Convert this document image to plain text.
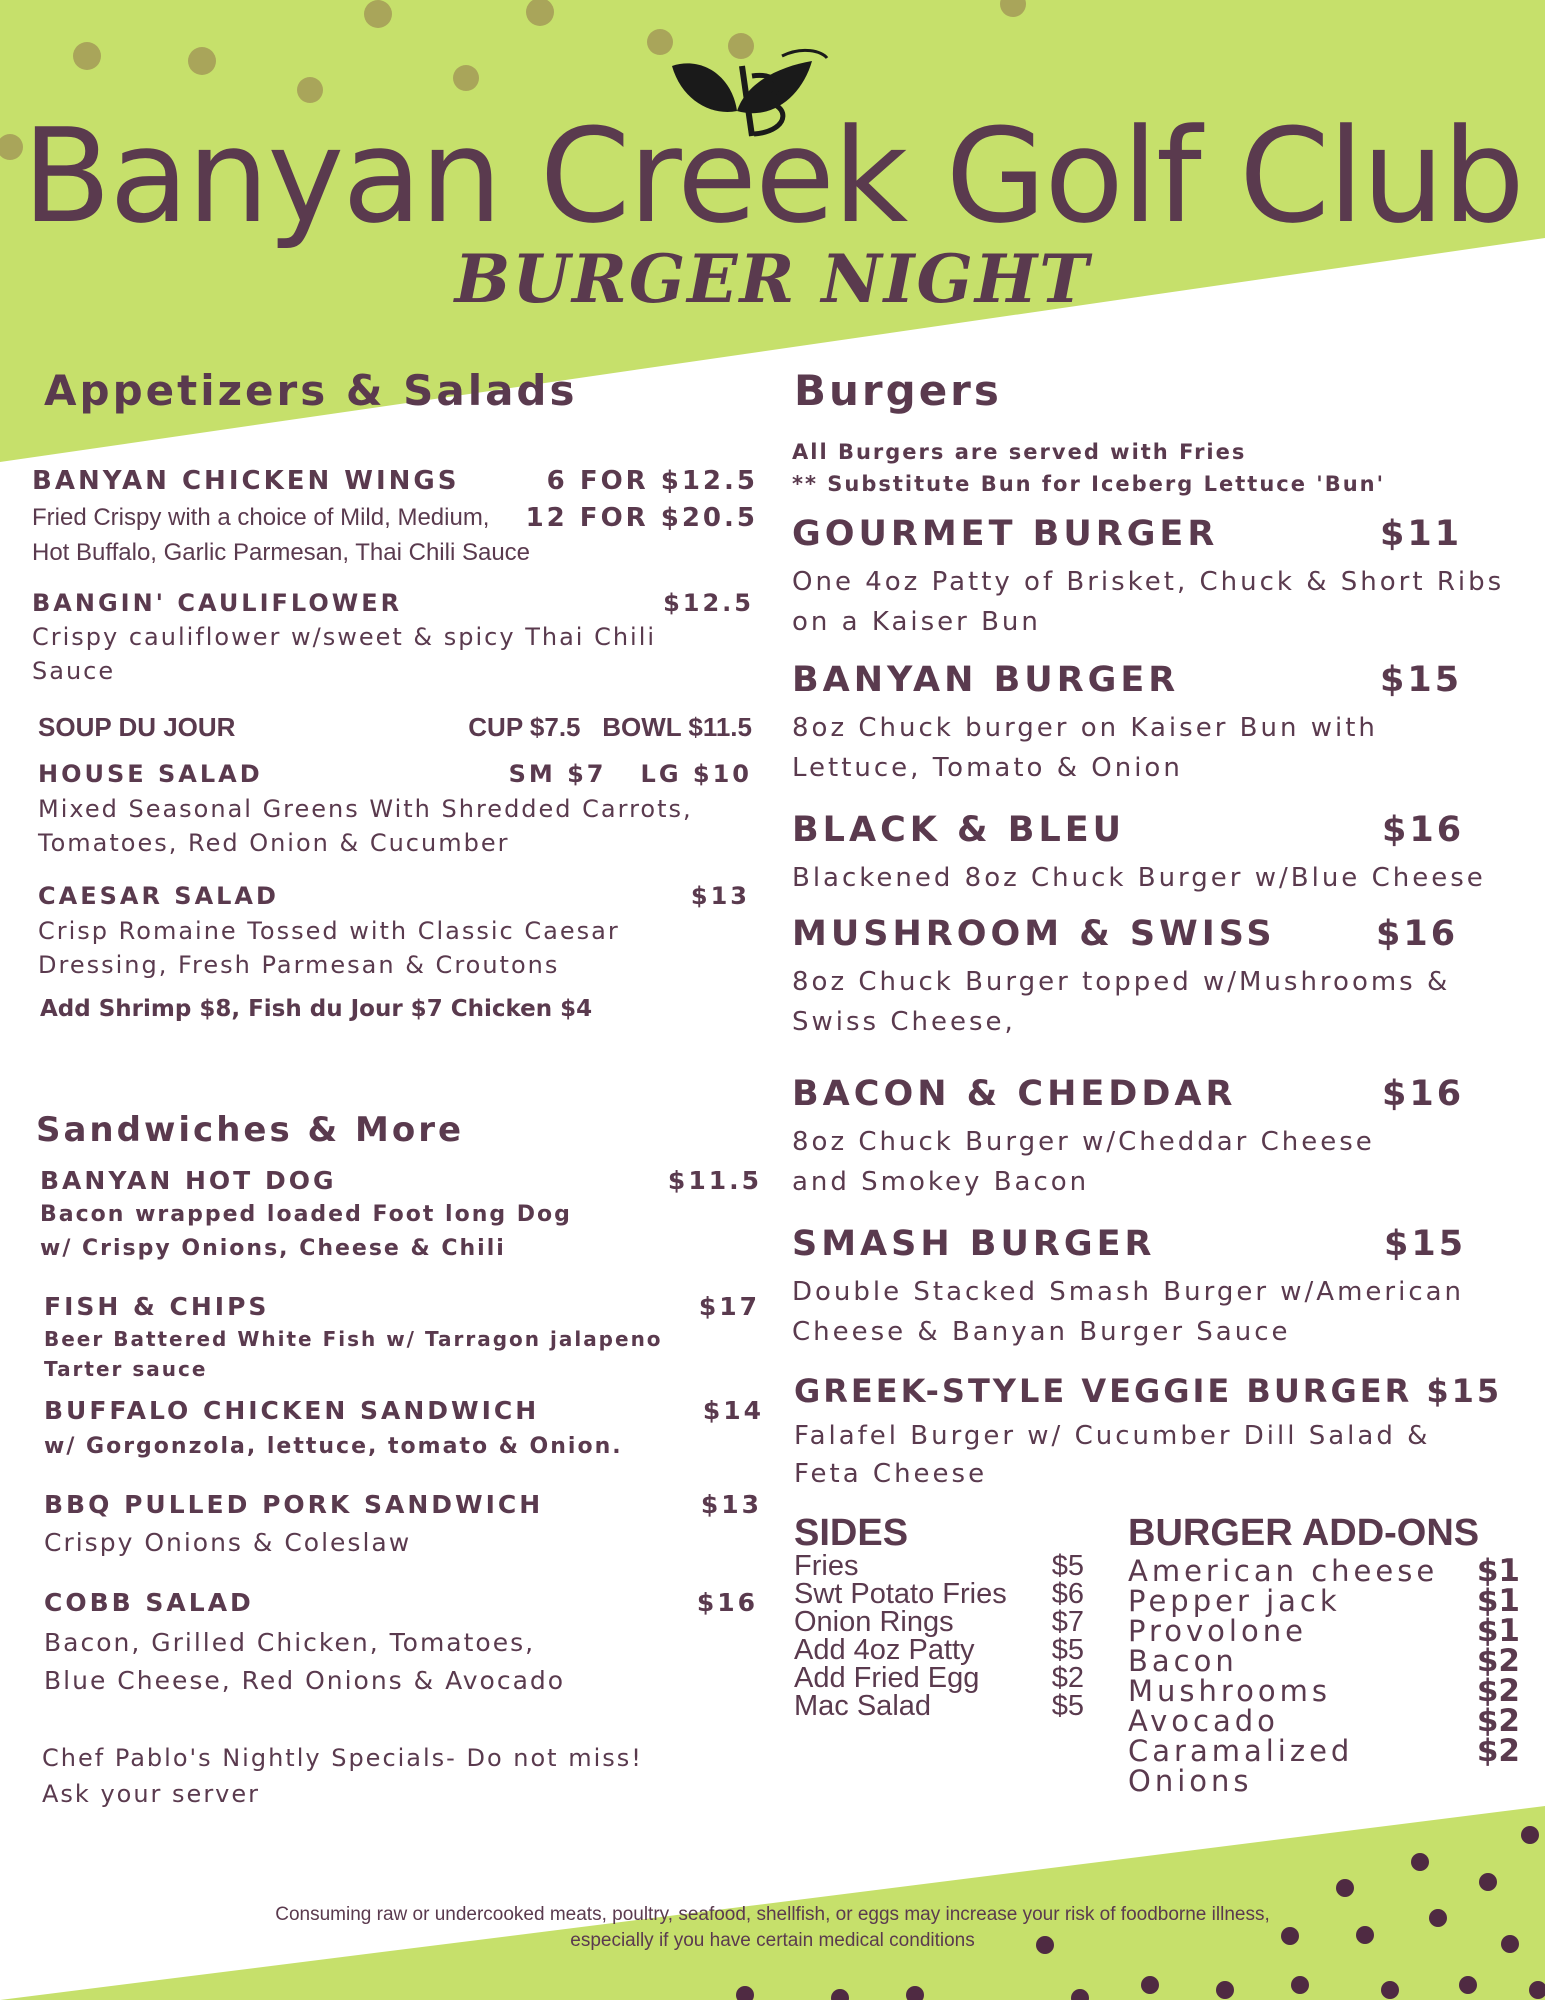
Banyan Creek Golf Club
BURGER NIGHT
Appetizers & Salads
BANYAN CHICKEN WINGS	6 FOR $12.5
12 FOR $20.5
Fried Crispy with a choice of Mild, Medium,
Hot Buffalo, Garlic Parmesan, Thai Chili Sauce
BANGIN' CAULIFLOWER	$12.5
Crispy cauliflower w/sweet & spicy Thai Chili
Sauce
SOUP DU JOUR	CUP $7.5   BOWL $11.5
HOUSE SALAD	SM $7   LG $10
Mixed Seasonal Greens With Shredded Carrots,
Tomatoes, Red Onion & Cucumber
CAESAR SALAD	$13
Crisp Romaine Tossed with Classic Caesar
Dressing, Fresh Parmesan & Croutons
Add Shrimp $8, Fish du Jour $7 Chicken $4
Sandwiches & More
BANYAN HOT DOG	$11.5
Bacon wrapped loaded Foot long Dog
w/ Crispy Onions, Cheese & Chili
FISH & CHIPS	$17
Beer Battered White Fish w/ Tarragon jalapeno
Tarter sauce
BUFFALO CHICKEN SANDWICH	$14
w/ Gorgonzola, lettuce, tomato & Onion.
BBQ PULLED PORK SANDWICH	$13
Crispy Onions & Coleslaw
COBB SALAD	$16
Bacon, Grilled Chicken, Tomatoes,
Blue Cheese, Red Onions & Avocado
Chef Pablo's Nightly Specials- Do not miss!
Ask your server
Burgers
All Burgers are served with Fries
** Substitute Bun for Iceberg Lettuce 'Bun'
GOURMET BURGER	$11
One 4oz Patty of Brisket, Chuck & Short Ribs
on a Kaiser Bun
BANYAN BURGER	$15
8oz Chuck burger on Kaiser Bun with
Lettuce, Tomato & Onion
BLACK & BLEU	$16
Blackened 8oz Chuck Burger w/Blue Cheese
MUSHROOM & SWISS	$16
8oz Chuck Burger topped w/Mushrooms &
Swiss Cheese,
BACON & CHEDDAR	$16
8oz Chuck Burger w/Cheddar Cheese
and Smokey Bacon
SMASH BURGER	$15
Double Stacked Smash Burger w/American
Cheese & Banyan Burger Sauce
GREEK-STYLE VEGGIE BURGER $15
Falafel Burger w/ Cucumber Dill Salad &
Feta Cheese
SIDES
Fries	$5
Swt Potato Fries $6
Onion Rings	$7
Add 4oz Patty	$5
Add Fried Egg $2
Mac Salad	$5
BURGER ADD-ONS
American cheese $1
Pepper jack	$1
Provolone	$1
Bacon	$2
Mushrooms	$2
Avocado	$2
Caramalized	$2
Onions
Consuming raw or undercooked meats, poultry, seafood, shellfish, or eggs may increase your risk of foodborne illness,
especially if you have certain medical conditions
